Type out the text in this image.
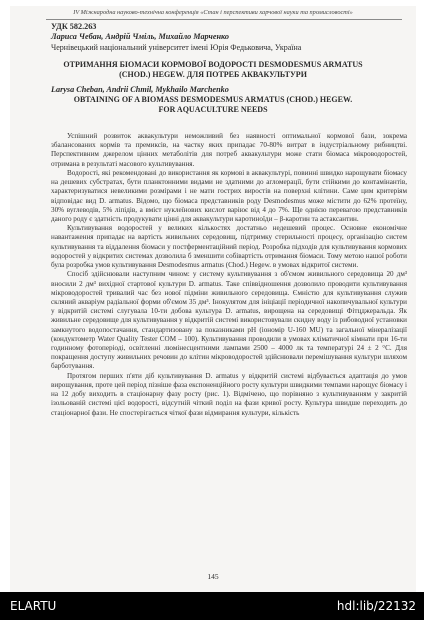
IV Міжнародна науково-технічна конференція «Стан і перспективи харчової науки та промисловості»
УДК 582.263
Лариса Чебан, Андрій Чміль, Михайло Марченко
Чернівецький національний університет імені Юрія Федьковича, Україна
ОТРИМАННЯ БІОМАСИ КОРМОВОЇ ВОДОРОСТІ DESMODESMUS ARMATUS
(CHOD.) HEGEW. ДЛЯ ПОТРЕБ АКВАКУЛЬТУРИ
Larysa Cheban, Andrii Chmil, Mykhailo Marchenko
OBTAINING OF A BIOMASS DESMODESMUS ARMATUS (CHOD.) HEGEW.
FOR AQUACULTURE NEEDS

Успішний розвиток аквакультури неможливий без наявності оптимальної кормової бази, зокрема збалансованих кормів та премиксів, на частку яких припадає 70-80% витрат в індустріальному рибництві. Перспективним джерелом цінних метаболітів для потреб аквакультури може стати біомаса мікроводоростей, отримана в результаті масового культивування.

Водорості, які рекомендовані до використання як кормові в аквакультурі, повинні швидко нарощувати біомасу на дешевих субстратах, бути планктонними видами не здатними до агломерації, бути стійкими до контамінантів, характеризуватися невеликими розмірами і не мати гострих виростів на поверхні клітини. Саме цим критеріям відповідає вид D. armatus. Відомо, що біомаса представників роду Desmodesmus може містити до 62% протеїну, 30% вуглеводів, 5% ліпідів, а вміст нуклеїнових кислот варіює від 4 до 7%. Ще однією перевагою представників даного роду є здатність продукувати цінні для аквакультури каротиноїди – β-каротин та астаксантин.

Культивування водоростей у великих кількостях достатньо недешевий процес. Основне економічне навантаження припадає на вартість живильних середовищ, підтримку стерильності процесу, організацію систем культивування та віддалення біомаси у постферментаційний період. Розробка підходів для культивування кормових водоростей у відкритих системах дозволила б зменшити собівартість отримання біомаси. Тому метою нашої роботи була розробка умов культивування Desmodesmus armatus (Chod.) Hegew. в умовах відкритої системи.

Спосіб здійснювали наступним чином: у систему культивування з об'ємом живильного середовища 20 дм³ вносили 2 дм³ вихідної стартової культури D. armatus. Таке співвідношення дозволило проводити культивування мікроводоростей тривалий час без нової підміни живильного середовища. Ємністю для культивування служив скляний акваріум радіальної форми об'ємом 35 дм³. Інокулятом для ініціації періодичної накопичувальної культури у відкритій системі слугувала 10-ти добова культура D. armatus, вирощена на середовищі Фітцджеральда. Як живильне середовище для культивування у відкритій системі використовували скидну воду із рибоводної установки замкнутого водопостачання, стандартизовану за показниками pH (іономір U-160 MU) та загальної мінералізації (кондуктометр Water Quality Tester COM – 100). Культивування проводили в умовах кліматичної кімнати при 16-ти годинному фотоперіоді, освітленні люмінесцентними лампами 2500 – 4000 лк та температурі 24 ± 2 °С. Для покращення доступу живильних речовин до клітин мікроводоростей здійснювали перемішування культури шляхом барботування.

Протягом перших п'яти діб культивування D. armatus у відкритій системі відбувається адаптація до умов вирощування, проте цей період пізніше фаза експоненційного росту культури швидкими темпами нарощує біомасу і на 12 добу виходить в стаціонарну фазу росту (рис. 1). Відмічено, що порівняно з культивуванням у закритій ізольованій системі цієї водорості, відсутній чіткий поділ на фази кривої росту. Культура швидше переходить до стаціонарної фази. Не спостерігається чіткої фази відмирання культури, кількість

145
ELARTU	hdl:lib/22132
